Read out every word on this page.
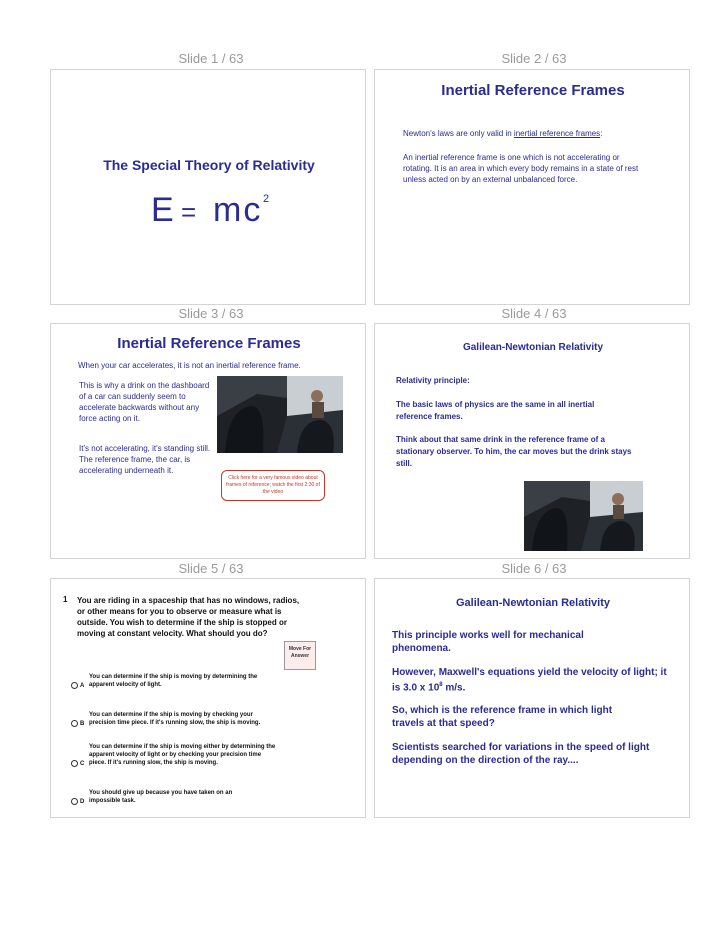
Slide 1 / 63	Slide 2 / 63
The Special Theory of Relativity
E = mc 2
Inertial Reference Frames
Newton's laws are only valid in inertial reference frames:
An inertial reference frame is one which is not accelerating or rotating. It is an area in which every body remains in a state of rest unless acted on by an external unbalanced force.
Slide 3 / 63	Slide 4 / 63
Inertial Reference Frames
When your car accelerates, it is not an inertial reference frame.
This is why a drink on the dashboard of a car can suddenly seem to accelerate backwards without any force acting on it.
It's not accelerating, it's standing still. The reference frame, the car, is accelerating underneath it.
Click here for a very famous video about frames of reference; watch the first 2:30 of the video
Galilean-Newtonian Relativity
Relativity principle:
The basic laws of physics are the same in all inertial reference frames.
Think about that same drink in the reference frame of a stationary observer. To him, the car moves but the drink stays still.
Slide 5 / 63	Slide 6 / 63
1 You are riding in a spaceship that has no windows, radios, or other means for you to observe or measure what is outside. You wish to determine if the ship is stopped or moving at constant velocity. What should you do?
Move For Answer
A
You can determine if the ship is moving by determining the apparent velocity of light.
B
You can determine if the ship is moving by checking your precision time piece. If it's running slow, the ship is moving.
C
You can determine if the ship is moving either by determining the apparent velocity of light or by checking your precision time piece. If it's running slow, the ship is moving.
D
You should give up because you have taken on an impossible task.
Galilean-Newtonian Relativity
This principle works well for mechanical phenomena.
However, Maxwell's equations yield the velocity of light; it is 3.0 x $10^8$ m/s.
So, which is the reference frame in which light travels at that speed?
Scientists searched for variations in the speed of light depending on the direction of the ray....
